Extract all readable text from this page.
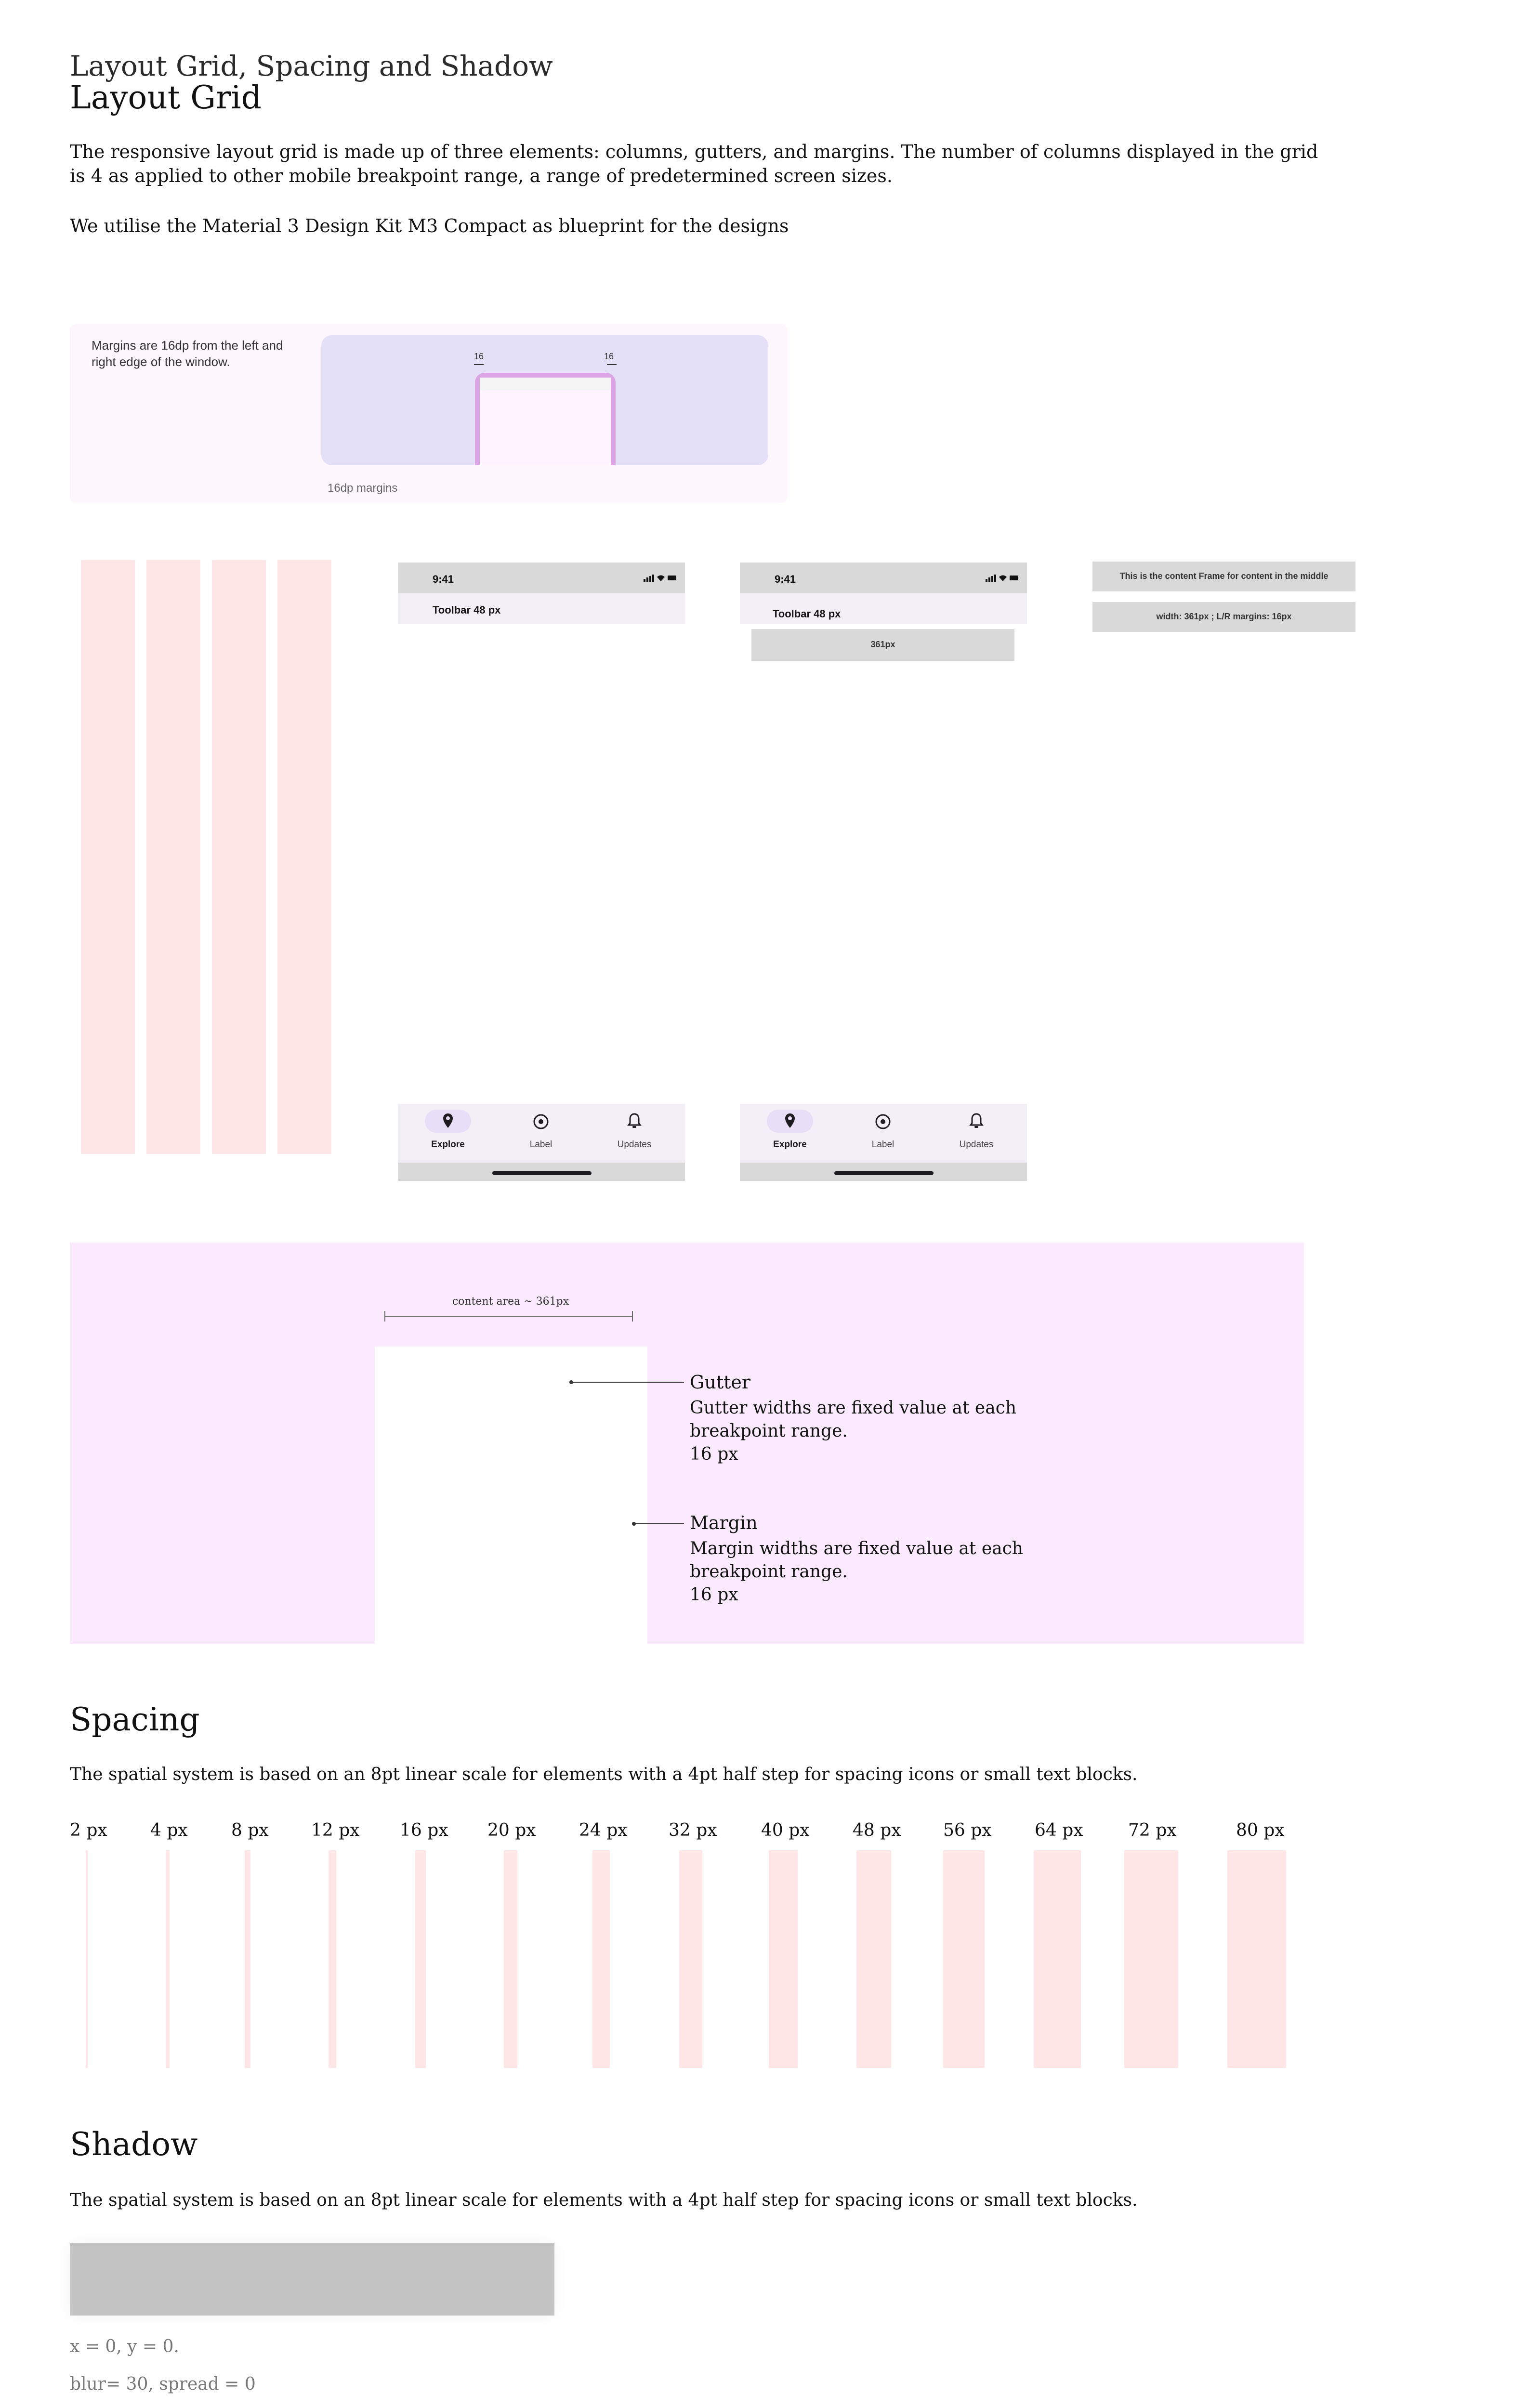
Layout Grid, Spacing and Shadow
Layout Grid
The responsive layout grid is made up of three elements: columns, gutters, and margins. The number of columns displayed in the grid is 4 as applied to other mobile breakpoint range, a range of predetermined screen sizes.
We utilise the Material 3 Design Kit M3 Compact as blueprint for the designs
Margins are 16dp from the left and right edge of the window.	16	16
16dp margins
9:41
Toolbar 48 px
Explore	Label	Updates
9:41
Toolbar 48 px
361px
Explore	Label	Updates
This is the content Frame for content in the middle
width: 361px ; L/R margins: 16px
content area ~ 361px
Gutter
Gutter widths are fixed value at each breakpoint range.
16 px
Margin
Margin widths are fixed value at each breakpoint range.
16 px
Spacing
The spatial system is based on an 8pt linear scale for elements with a 4pt half step for spacing icons or small text blocks.
2 px 4 px	8 px 12 px 16 px 20 px 24 px 32 px	40 px 48 px 56 px 64 px	72 px	80 px
Shadow
The spatial system is based on an 8pt linear scale for elements with a 4pt half step for spacing icons or small text blocks.
x = 0, y = 0.
blur= 30, spread = 0
